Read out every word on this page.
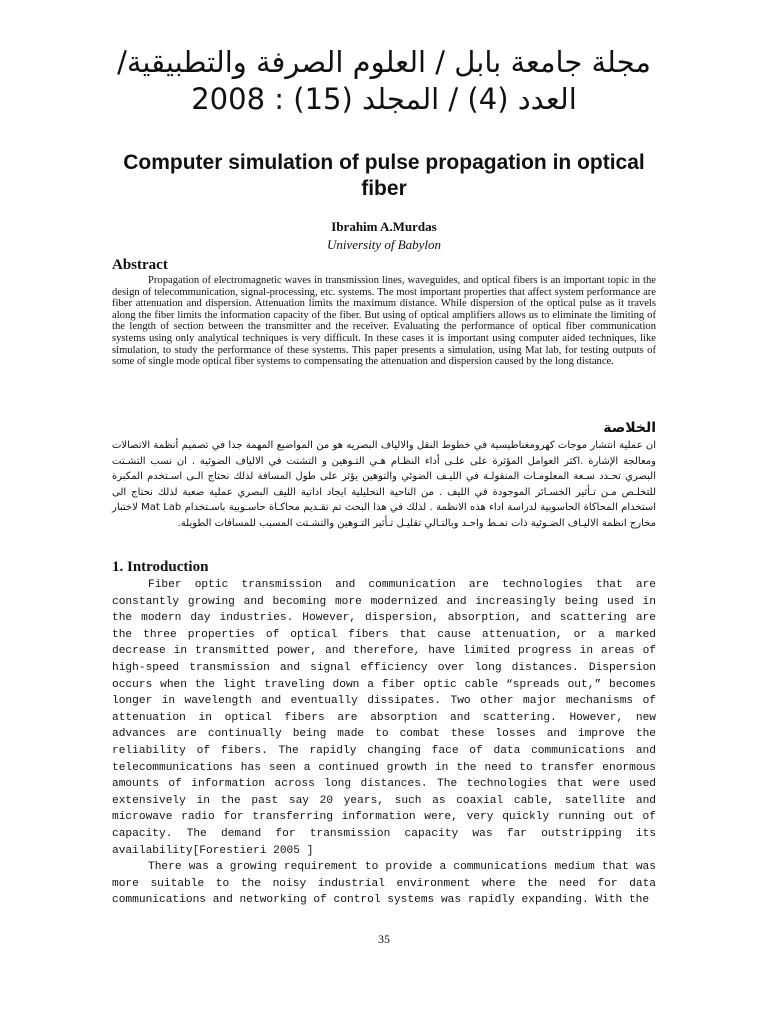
مجلة جامعة بابل / العلوم الصرفة والتطبيقية/ العدد (4) / المجلد (15) : 2008
Computer simulation of pulse propagation in optical fiber
Ibrahim A.Murdas
University of Babylon
Abstract

Propagation of electromagnetic waves in transmission lines, waveguides, and optical fibers is an important topic in the design of telecommunication, signal-processing, etc. systems. The most important properties that affect system performance are fiber attenuation and dispersion. Attenuation limits the maximum distance. While dispersion of the optical pulse as it travels along the fiber limits the information capacity of the fiber. But using of optical amplifiers allows us to eliminate the limiting of the length of section between the transmitter and the receiver. Evaluating the performance of optical fiber communication systems using only analytical techniques is very difficult. In these cases it is important using computer aided techniques, like simulation, to study the performance of these systems. This paper presents a simulation, using Mat lab, for testing outputs of some of single mode optical fiber systems to compensating the attenuation and dispersion caused by the long distance.

الخلاصة

ان عملية انتشار موجات كهرومغناطيسية في خطوط النقل والالياف البصريه هو من المواضيع المهمة جدا في تصميم أنظمة الاتصالات ومعالجة الإشارة .اكثر العوامل المؤثرة على علـى أداء النظـام هـي التـوهين و التشتت في الالياف الضوئية . ان نسب التشـتت البصري تحـدد سـعة المعلومـات المنقولـة في الليـف الضوئي والتوهين يؤثر على طول المسافة لذلك نحتاج الـى اسـتخدم المكبرة للتخلـص مـن تـأثير الخسـائر الموجودة في الليف . من الناحية التحليلية ايجاد اداتية الليف البصري عملية صعبة لذلك نحتاج الى استخدام المحاكاة الحاسوبية لدراسة اداء هذه الانظمة . لذلك في هذا البحث تم تقـديم محاكـاة حاسـوبية باسـتخدام Mat Lab لاختبار مخارج انظمة الاليـاف الضـوئية ذات نمـط واحـد وبالتـالي تقليـل تـأثير التـوهين والتشـتت المسبب للمسافات الطويلة.

1. Introduction

Fiber optic transmission and communication are technologies that are constantly growing and becoming more modernized and increasingly being used in the modern day industries. However, dispersion, absorption, and scattering are the three properties of optical fibers that cause attenuation, or a marked decrease in transmitted power, and therefore, have limited progress in areas of high-speed transmission and signal efficiency over long distances. Dispersion occurs when the light traveling down a fiber optic cable “spreads out,” becomes longer in wavelength and eventually dissipates. Two other major mechanisms of attenuation in optical fibers are absorption and scattering. However, new advances are continually being made to combat these losses and improve the reliability of fibers. The rapidly changing face of data communications and telecommunications has seen a continued growth in the need to transfer enormous amounts of information across long distances. The technologies that were used extensively in the past say 20 years, such as coaxial cable, satellite and microwave radio for transferring information were, very quickly running out of capacity. The demand for transmission capacity was far outstripping its availability[Forestieri 2005 ]

There was a growing requirement to provide a communications medium that was more suitable to the noisy industrial environment where the need for data communications and networking of control systems was rapidly expanding. With the

35
